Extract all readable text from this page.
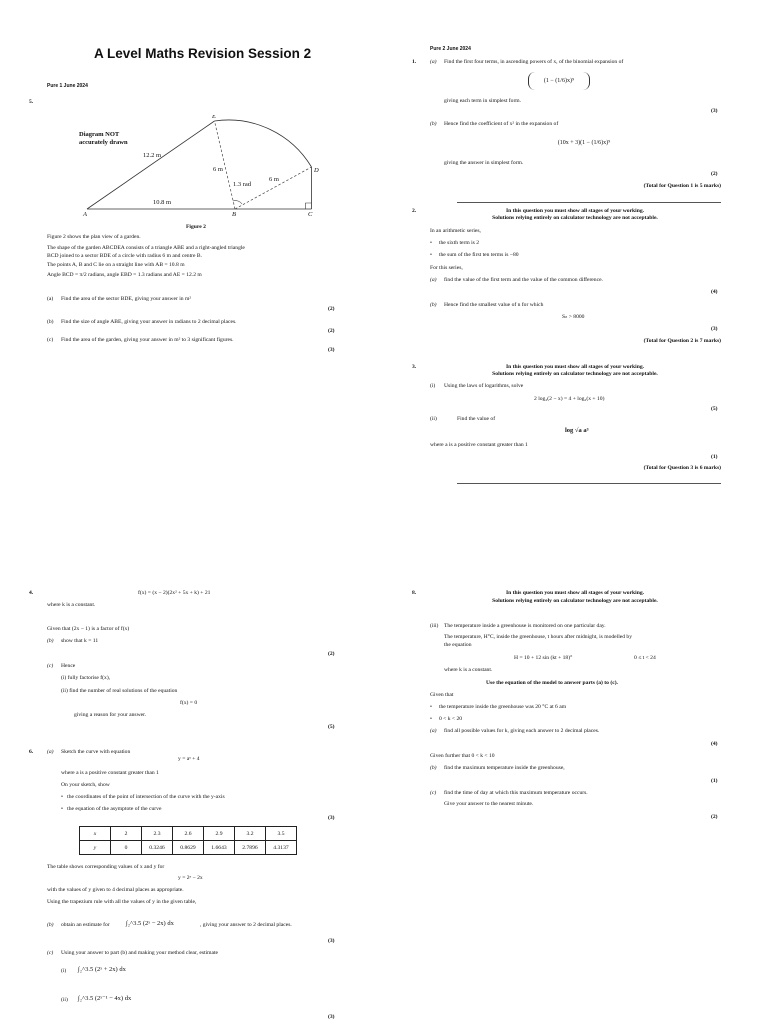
A Level Maths Revision Session 2
Pure 1 June 2024
5.
Diagram NOT
accurately drawn
E
D
A	B	C
12.2 m
10.8 m
6 m
6 m
1.3 rad
Figure 2
Figure 2 shows the plan view of a garden.
The shape of the garden ABCDEA consists of a triangle ABE and a right-angled triangle
BCD joined to a sector BDE of a circle with radius 6 m and centre B.
The points A, B and C lie on a straight line with AB = 10.8 m
Angle BCD = π/2 radians, angle EBD = 1.3 radians and AE = 12.2 m
(a) Find the area of the sector BDE, giving your answer in m²
(2)
(b) Find the size of angle ABE, giving your answer in radians to 2 decimal places.
(2)
(c) Find the area of the garden, giving your answer in m² to 3 significant figures.
(3)
Pure 2 June 2024
1. (a) Find the first four terms, in ascending powers of x, of the binomial expansion of
(1 − (1/6)x)⁹
giving each term in simplest form.
(3)
(b) Hence find the coefficient of x² in the expansion of
(10x + 3)(1 − (1/6)x)⁹
giving the answer in simplest form.
(2)
(Total for Question 1 is 5 marks)
2.	In this question you must show all stages of your working.
Solutions relying entirely on calculator technology are not acceptable.
In an arithmetic series,
•     the sixth term is 2
•     the sum of the first ten terms is −80
For this series,
(a) find the value of the first term and the value of the common difference.
(4)
(b) Hence find the smallest value of n for which
Sₙ > 8000
(3)
(Total for Question 2 is 7 marks)
3.	In this question you must show all stages of your working.
Solutions relying entirely on calculator technology are not acceptable.
(i) Using the laws of logarithms, solve
2 log₂(2 − x) = 4 + log₂(x + 10)
(5)
(ii)	Find the value of
log √a a³
where a is a positive constant greater than 1
(1)
(Total for Question 3 is 6 marks)
4.	f(x) = (x − 2)(2x² + 5x + k) + 21
where k is a constant.
Given that (2x − 1) is a factor of f(x)
(b) show that k = 11
(2)
(c) Hence
(i) fully factorise f(x),
(ii) find the number of real solutions of the equation
f(x) = 0
giving a reason for your answer.
(5)
6. (a) Sketch the curve with equation
y = aˣ + 4
where a is a positive constant greater than 1
On your sketch, show
•   the coordinates of the point of intersection of the curve with the y-axis
•   the equation of the asymptote of the curve
(3)
x	2	2.3	2.6	2.9	3.2	3.5
y	0	0.3246	0.8629	1.6643	2.7896	4.3137
The table shows corresponding values of x and y for
y = 2ˣ − 2x
with the values of y given to 4 decimal places as appropriate.
Using the trapezium rule with all the values of y in the given table,
(b) obtain an estimate for	∫₂^3.5 (2ˣ − 2x) dx	, giving your answer to 2 decimal places.
(3)
(c) Using your answer to part (b) and making your method clear, estimate
(i) ∫₂^3.5 (2ˣ + 2x) dx
(ii) ∫₂^3.5 (2ˣ⁻¹ − 4x) dx
(3)
8.	In this question you must show all stages of your working.
Solutions relying entirely on calculator technology are not acceptable.
(iii) The temperature inside a greenhouse is monitored on one particular day.
The temperature, H°C, inside the greenhouse, t hours after midnight, is modelled by
the equation
H = 10 + 12 sin (kt + 18)°	0 ≤ t < 24
where k is a constant.
Use the equation of the model to answer parts (a) to (c).
Given that
•     the temperature inside the greenhouse was 20 °C at 6 am
•     0 < k < 20
(a) find all possible values for k, giving each answer to 2 decimal places.
(4)
Given further that 0 < k < 10
(b) find the maximum temperature inside the greenhouse,
(1)
(c) find the time of day at which this maximum temperature occurs.
Give your answer to the nearest minute.
(2)
